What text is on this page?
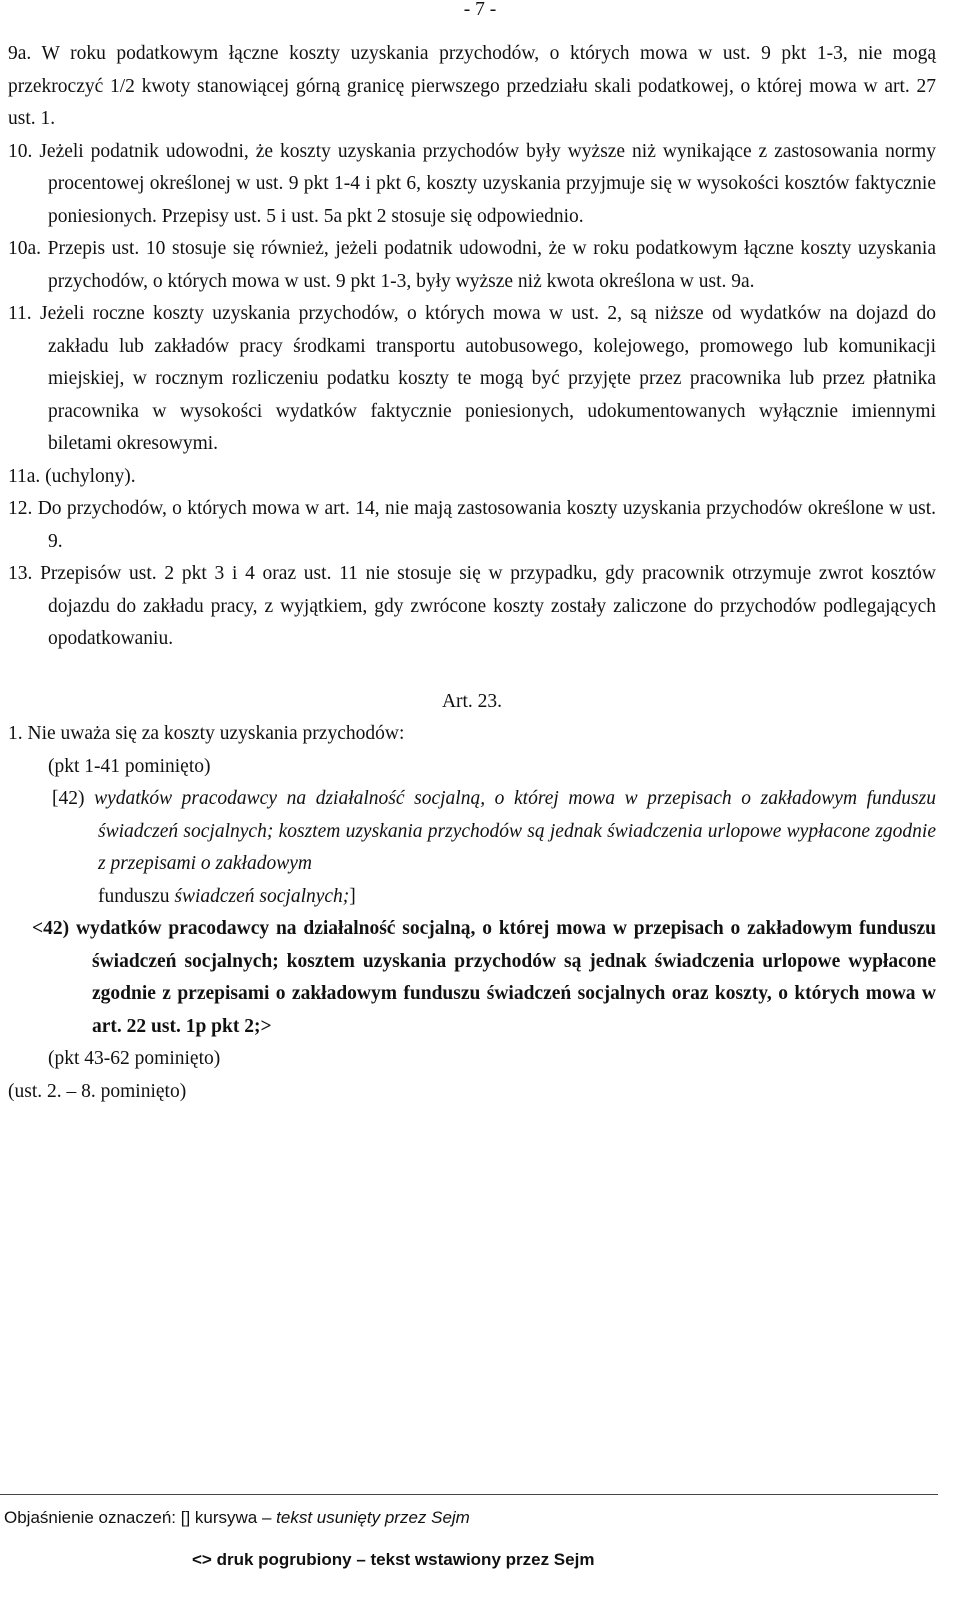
- 7 -
9a. W roku podatkowym łączne koszty uzyskania przychodów, o których mowa w ust. 9 pkt 1-3, nie mogą przekroczyć 1/2 kwoty stanowiącej górną granicę pierwszego przedziału skali podatkowej, o której mowa w art. 27 ust. 1.
10. Jeżeli podatnik udowodni, że koszty uzyskania przychodów były wyższe niż wynikające z zastosowania normy procentowej określonej w ust. 9 pkt 1-4 i pkt 6, koszty uzyskania przyjmuje się w wysokości kosztów faktycznie poniesionych. Przepisy ust. 5 i ust. 5a pkt 2 stosuje się odpowiednio.
10a. Przepis ust. 10 stosuje się również, jeżeli podatnik udowodni, że w roku podatkowym łączne koszty uzyskania przychodów, o których mowa w ust. 9 pkt 1-3, były wyższe niż kwota określona w ust. 9a.
11. Jeżeli roczne koszty uzyskania przychodów, o których mowa w ust. 2, są niższe od wydatków na dojazd do zakładu lub zakładów pracy środkami transportu autobusowego, kolejowego, promowego lub komunikacji miejskiej, w rocznym rozliczeniu podatku koszty te mogą być przyjęte przez pracownika lub przez płatnika pracownika w wysokości wydatków faktycznie poniesionych, udokumentowanych wyłącznie imiennymi biletami okresowymi.
11a. (uchylony).
12. Do przychodów, o których mowa w art. 14, nie mają zastosowania koszty uzyskania przychodów określone w ust. 9.
13. Przepisów ust. 2 pkt 3 i 4 oraz ust. 11 nie stosuje się w przypadku, gdy pracownik otrzymuje zwrot kosztów dojazdu do zakładu pracy, z wyjątkiem, gdy zwrócone koszty zostały zaliczone do przychodów podlegających opodatkowaniu.
Art. 23.
1. Nie uważa się za koszty uzyskania przychodów:
(pkt 1-41 pominięto)
[42) wydatków pracodawcy na działalność socjalną, o której mowa w przepisach o zakładowym funduszu świadczeń socjalnych; kosztem uzyskania przychodów są jednak świadczenia urlopowe wypłacone zgodnie z przepisami o zakładowym
funduszu świadczeń socjalnych;]
<42) wydatków pracodawcy na działalność socjalną, o której mowa w przepisach o zakładowym funduszu świadczeń socjalnych; kosztem uzyskania przychodów są jednak świadczenia urlopowe wypłacone zgodnie z przepisami o zakładowym funduszu świadczeń socjalnych oraz koszty, o których mowa w art. 22 ust. 1p pkt 2;>
(pkt 43-62 pominięto)
(ust. 2. – 8. pominięto)
Objaśnienie oznaczeń: [] kursywa – tekst usunięty przez Sejm
<> druk pogrubiony – tekst wstawiony przez Sejm
